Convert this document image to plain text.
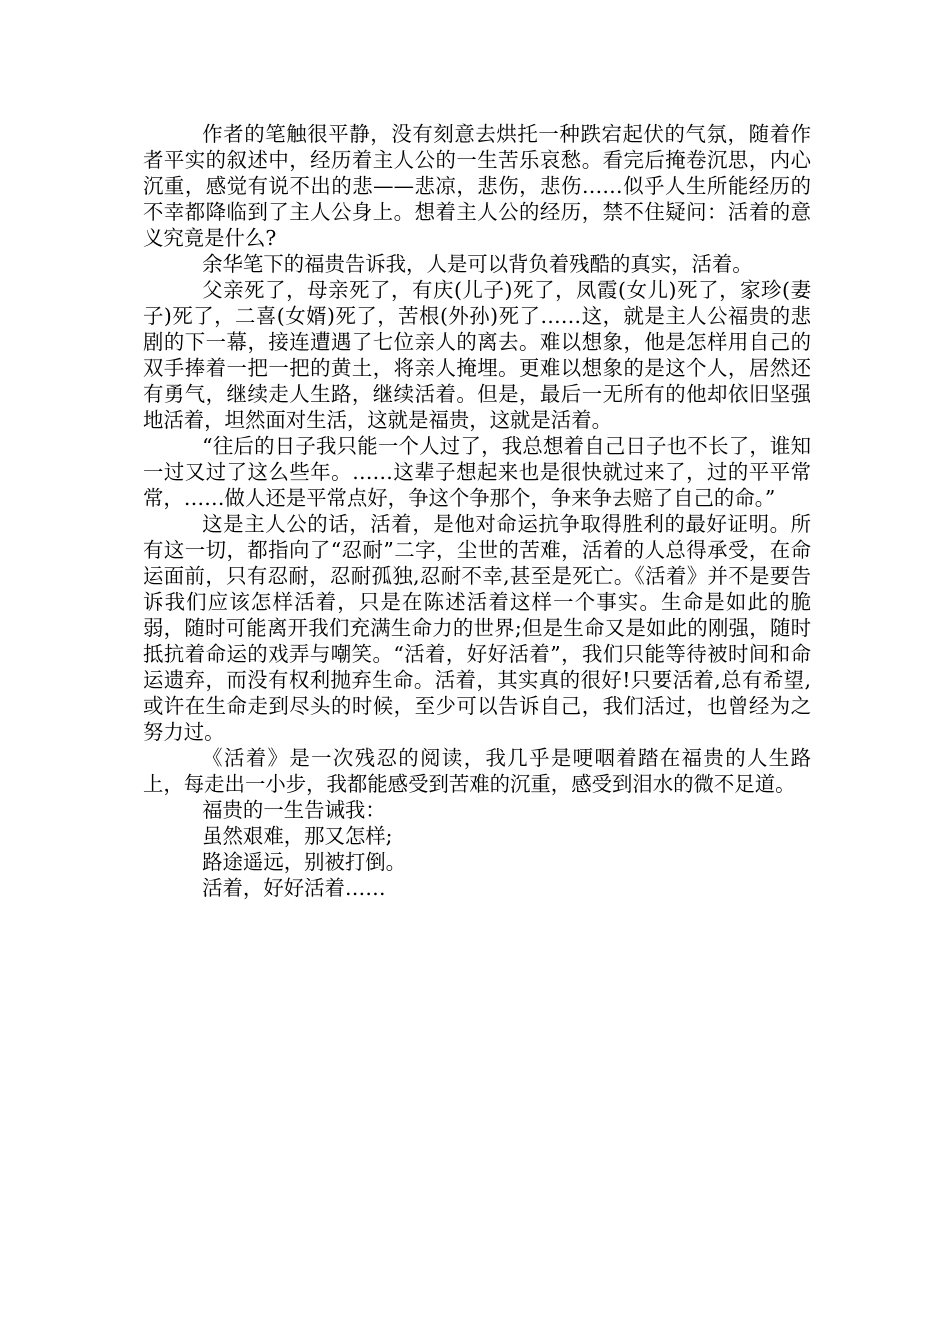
作者的笔触很平静，没有刻意去烘托一种跌宕起伏的气氛，随着作者平实的叙述中，经历着主人公的一生苦乐哀愁。看完后掩卷沉思，内心沉重，感觉有说不出的悲——悲凉，悲伤，悲伤……似乎人生所能经历的不幸都降临到了主人公身上。想着主人公的经历，禁不住疑问：活着的意义究竟是什么?

余华笔下的福贵告诉我，人是可以背负着残酷的真实，活着。

父亲死了，母亲死了，有庆(儿子)死了，凤霞(女儿)死了，家珍(妻子)死了，二喜(女婿)死了，苦根(外孙)死了……这，就是主人公福贵的悲剧的下一幕，接连遭遇了七位亲人的离去。难以想象，他是怎样用自己的双手捧着一把一把的黄土，将亲人掩埋。更难以想象的是这个人，居然还有勇气，继续走人生路，继续活着。但是，最后一无所有的他却依旧坚强地活着，坦然面对生活，这就是福贵，这就是活着。

“往后的日子我只能一个人过了，我总想着自己日子也不长了，谁知一过又过了这么些年。……这辈子想起来也是很快就过来了，过的平平常常，……做人还是平常点好，争这个争那个，争来争去赔了自己的命。”

这是主人公的话，活着，是他对命运抗争取得胜利的最好证明。所有这一切，都指向了“忍耐”二字，尘世的苦难，活着的人总得承受，在命运面前，只有忍耐，忍耐孤独,忍耐不幸,甚至是死亡。《活着》并不是要告诉我们应该怎样活着，只是在陈述活着这样一个事实。生命是如此的脆弱，随时可能离开我们充满生命力的世界;但是生命又是如此的刚强，随时抵抗着命运的戏弄与嘲笑。“活着，好好活着”，我们只能等待被时间和命运遗弃，而没有权利抛弃生命。活着，其实真的很好!只要活着,总有希望,或许在生命走到尽头的时候，至少可以告诉自己，我们活过，也曾经为之努力过。

《活着》是一次残忍的阅读，我几乎是哽咽着踏在福贵的人生路上，每走出一小步，我都能感受到苦难的沉重，感受到泪水的微不足道。

福贵的一生告诫我：

虽然艰难，那又怎样;

路途遥远，别被打倒。

活着，好好活着……
